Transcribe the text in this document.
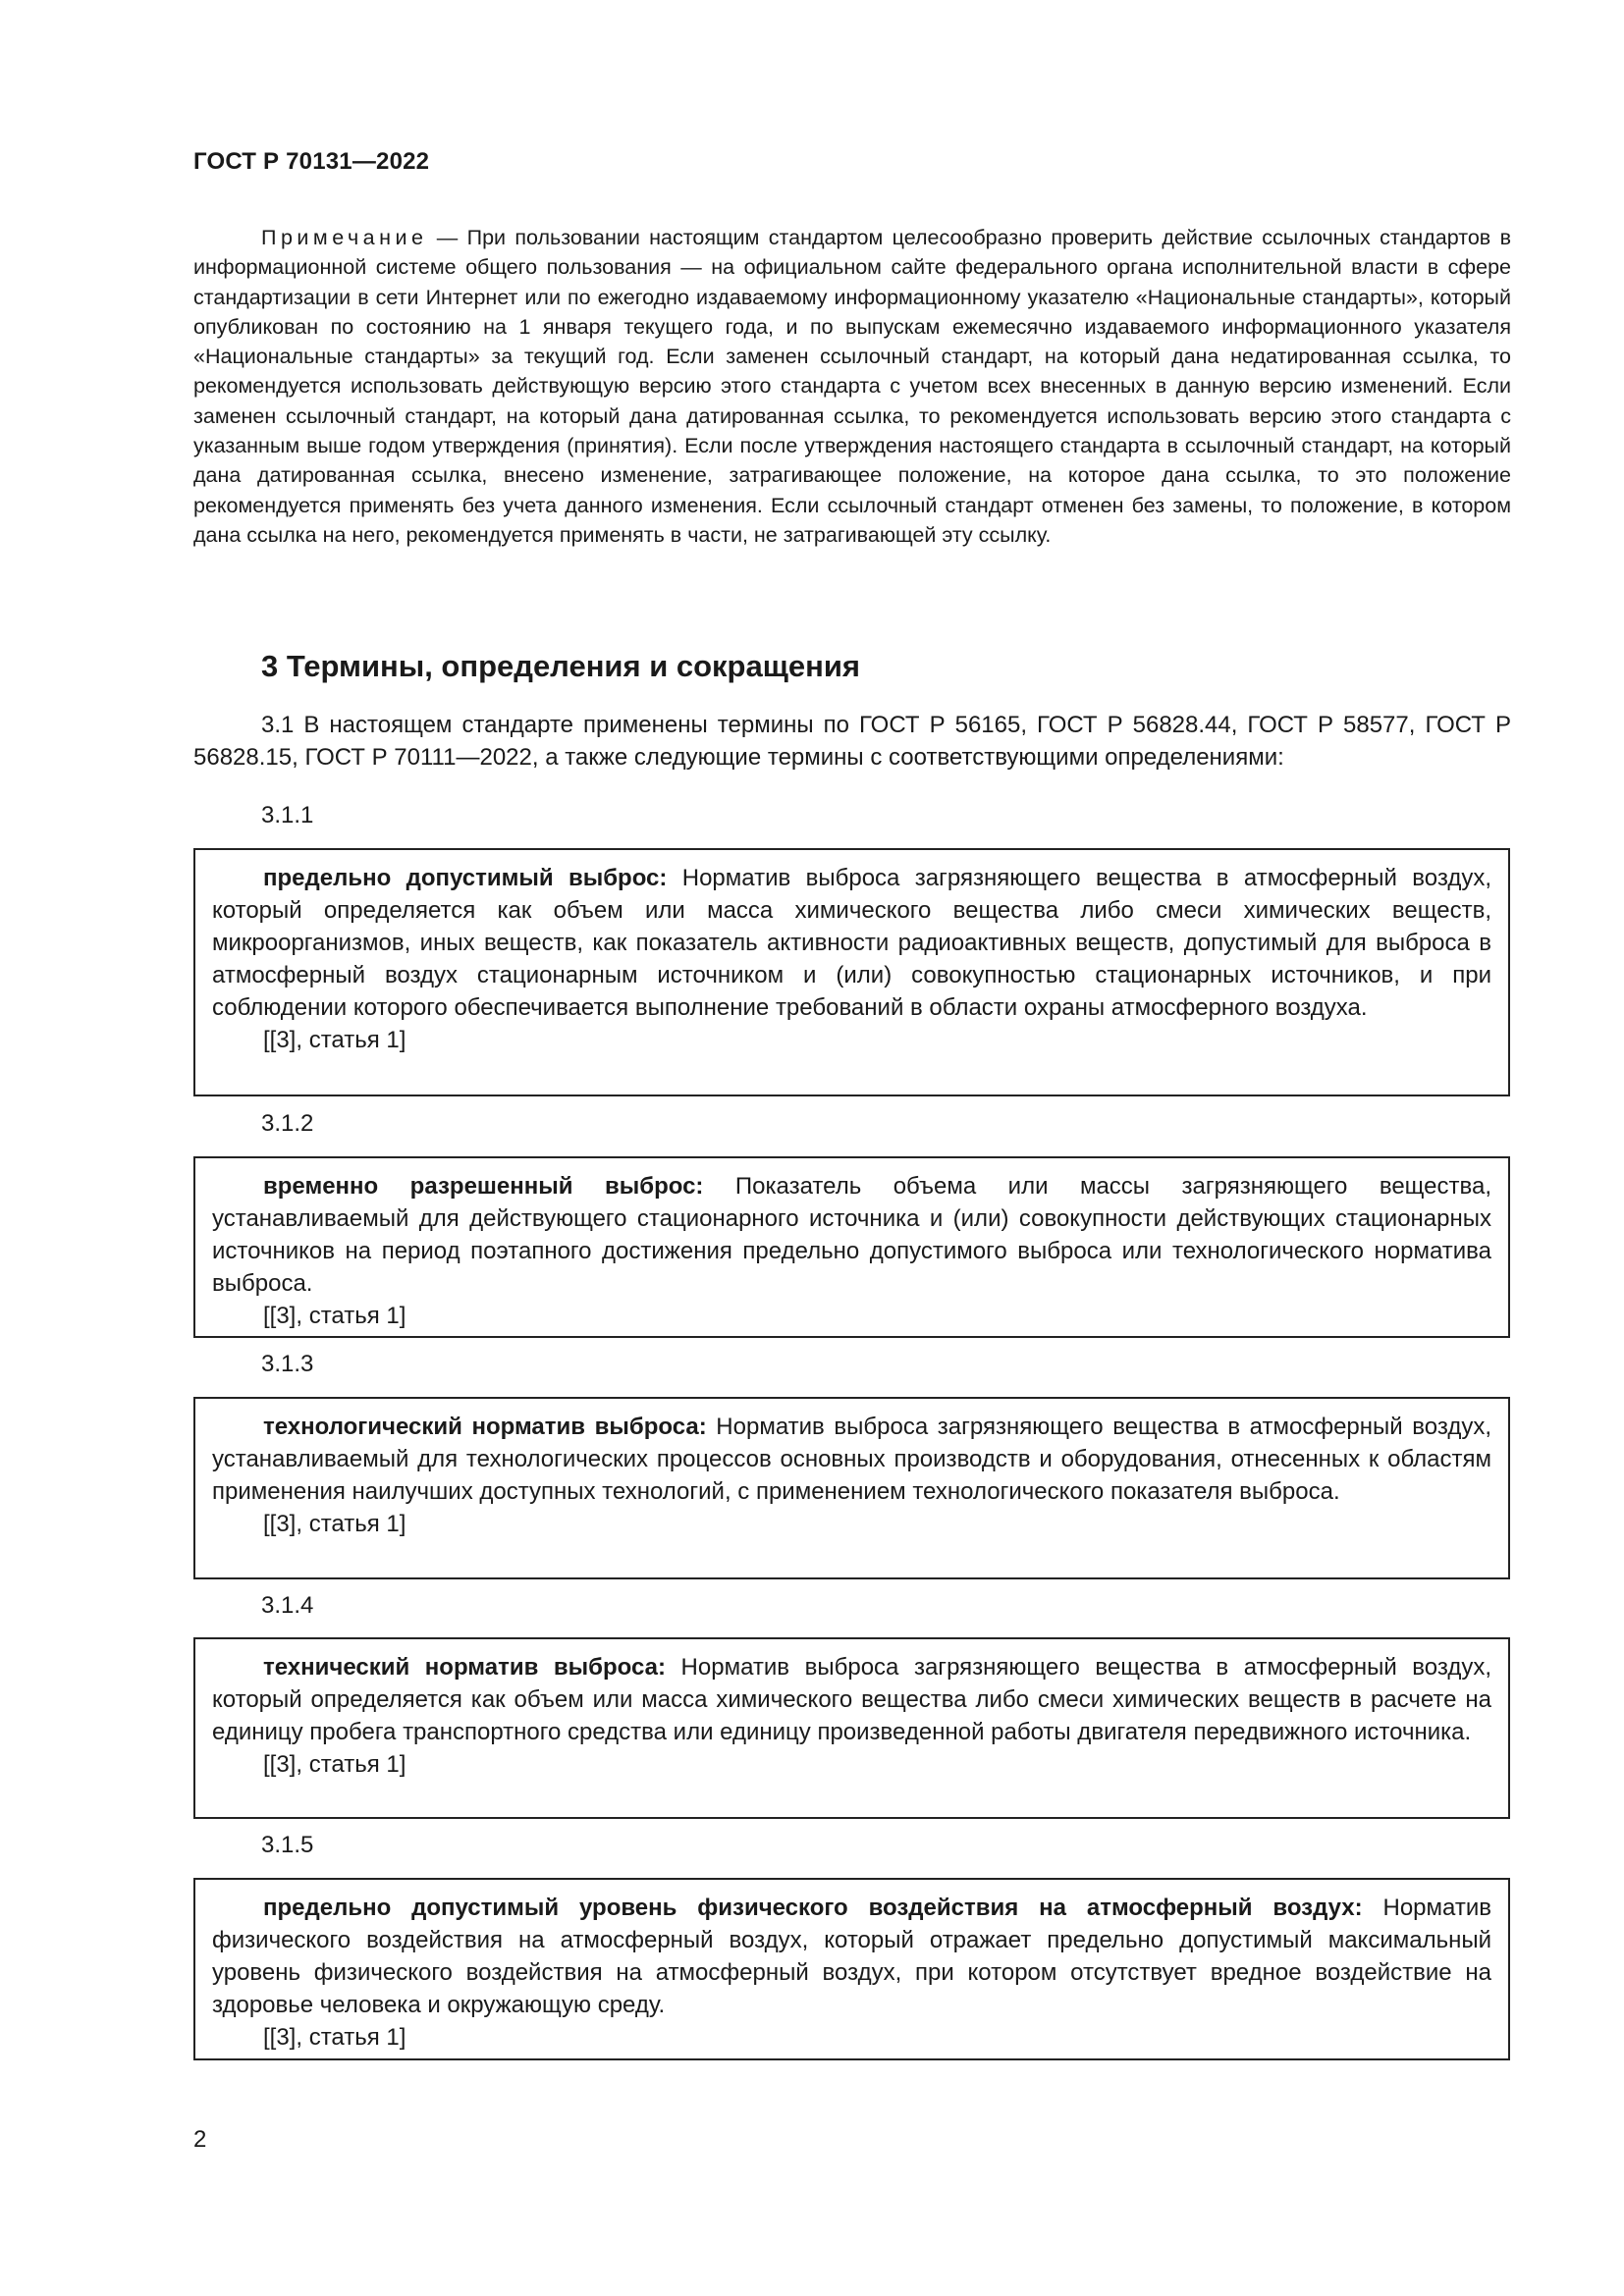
ГОСТ Р 70131—2022
Примечание — При пользовании настоящим стандартом целесообразно проверить действие ссылочных стандартов в информационной системе общего пользования — на официальном сайте федерального органа исполнительной власти в сфере стандартизации в сети Интернет или по ежегодно издаваемому информационному указателю «Национальные стандарты», который опубликован по состоянию на 1 января текущего года, и по выпускам ежемесячно издаваемого информационного указателя «Национальные стандарты» за текущий год. Если заменен ссылочный стандарт, на который дана недатированная ссылка, то рекомендуется использовать действующую версию этого стандарта с учетом всех внесенных в данную версию изменений. Если заменен ссылочный стандарт, на который дана датированная ссылка, то рекомендуется использовать версию этого стандарта с указанным выше годом утверждения (принятия). Если после утверждения настоящего стандарта в ссылочный стандарт, на который дана датированная ссылка, внесено изменение, затрагивающее положение, на которое дана ссылка, то это положение рекомендуется применять без учета данного изменения. Если ссылочный стандарт отменен без замены, то положение, в котором дана ссылка на него, рекомендуется применять в части, не затрагивающей эту ссылку.
3 Термины, определения и сокращения
3.1 В настоящем стандарте применены термины по ГОСТ Р 56165, ГОСТ Р 56828.44, ГОСТ Р 58577, ГОСТ Р 56828.15, ГОСТ Р 70111—2022, а также следующие термины с соответствующими определениями:
3.1.1
предельно допустимый выброс: Норматив выброса загрязняющего вещества в атмосферный воздух, который определяется как объем или масса химического вещества либо смеси химических веществ, микроорганизмов, иных веществ, как показатель активности радиоактивных веществ, допустимый для выброса в атмосферный воздух стационарным источником и (или) совокупностью стационарных источников, и при соблюдении которого обеспечивается выполнение требований в области охраны атмосферного воздуха.
[[3], статья 1]
3.1.2
временно разрешенный выброс: Показатель объема или массы загрязняющего вещества, устанавливаемый для действующего стационарного источника и (или) совокупности действующих стационарных источников на период поэтапного достижения предельно допустимого выброса или технологического норматива выброса.
[[3], статья 1]
3.1.3
технологический норматив выброса: Норматив выброса загрязняющего вещества в атмосферный воздух, устанавливаемый для технологических процессов основных производств и оборудования, отнесенных к областям применения наилучших доступных технологий, с применением технологического показателя выброса.
[[3], статья 1]
3.1.4
технический норматив выброса: Норматив выброса загрязняющего вещества в атмосферный воздух, который определяется как объем или масса химического вещества либо смеси химических веществ в расчете на единицу пробега транспортного средства или единицу произведенной работы двигателя передвижного источника.
[[3], статья 1]
3.1.5
предельно допустимый уровень физического воздействия на атмосферный воздух: Норматив физического воздействия на атмосферный воздух, который отражает предельно допустимый максимальный уровень физического воздействия на атмосферный воздух, при котором отсутствует вредное воздействие на здоровье человека и окружающую среду.
[[3], статья 1]
2
